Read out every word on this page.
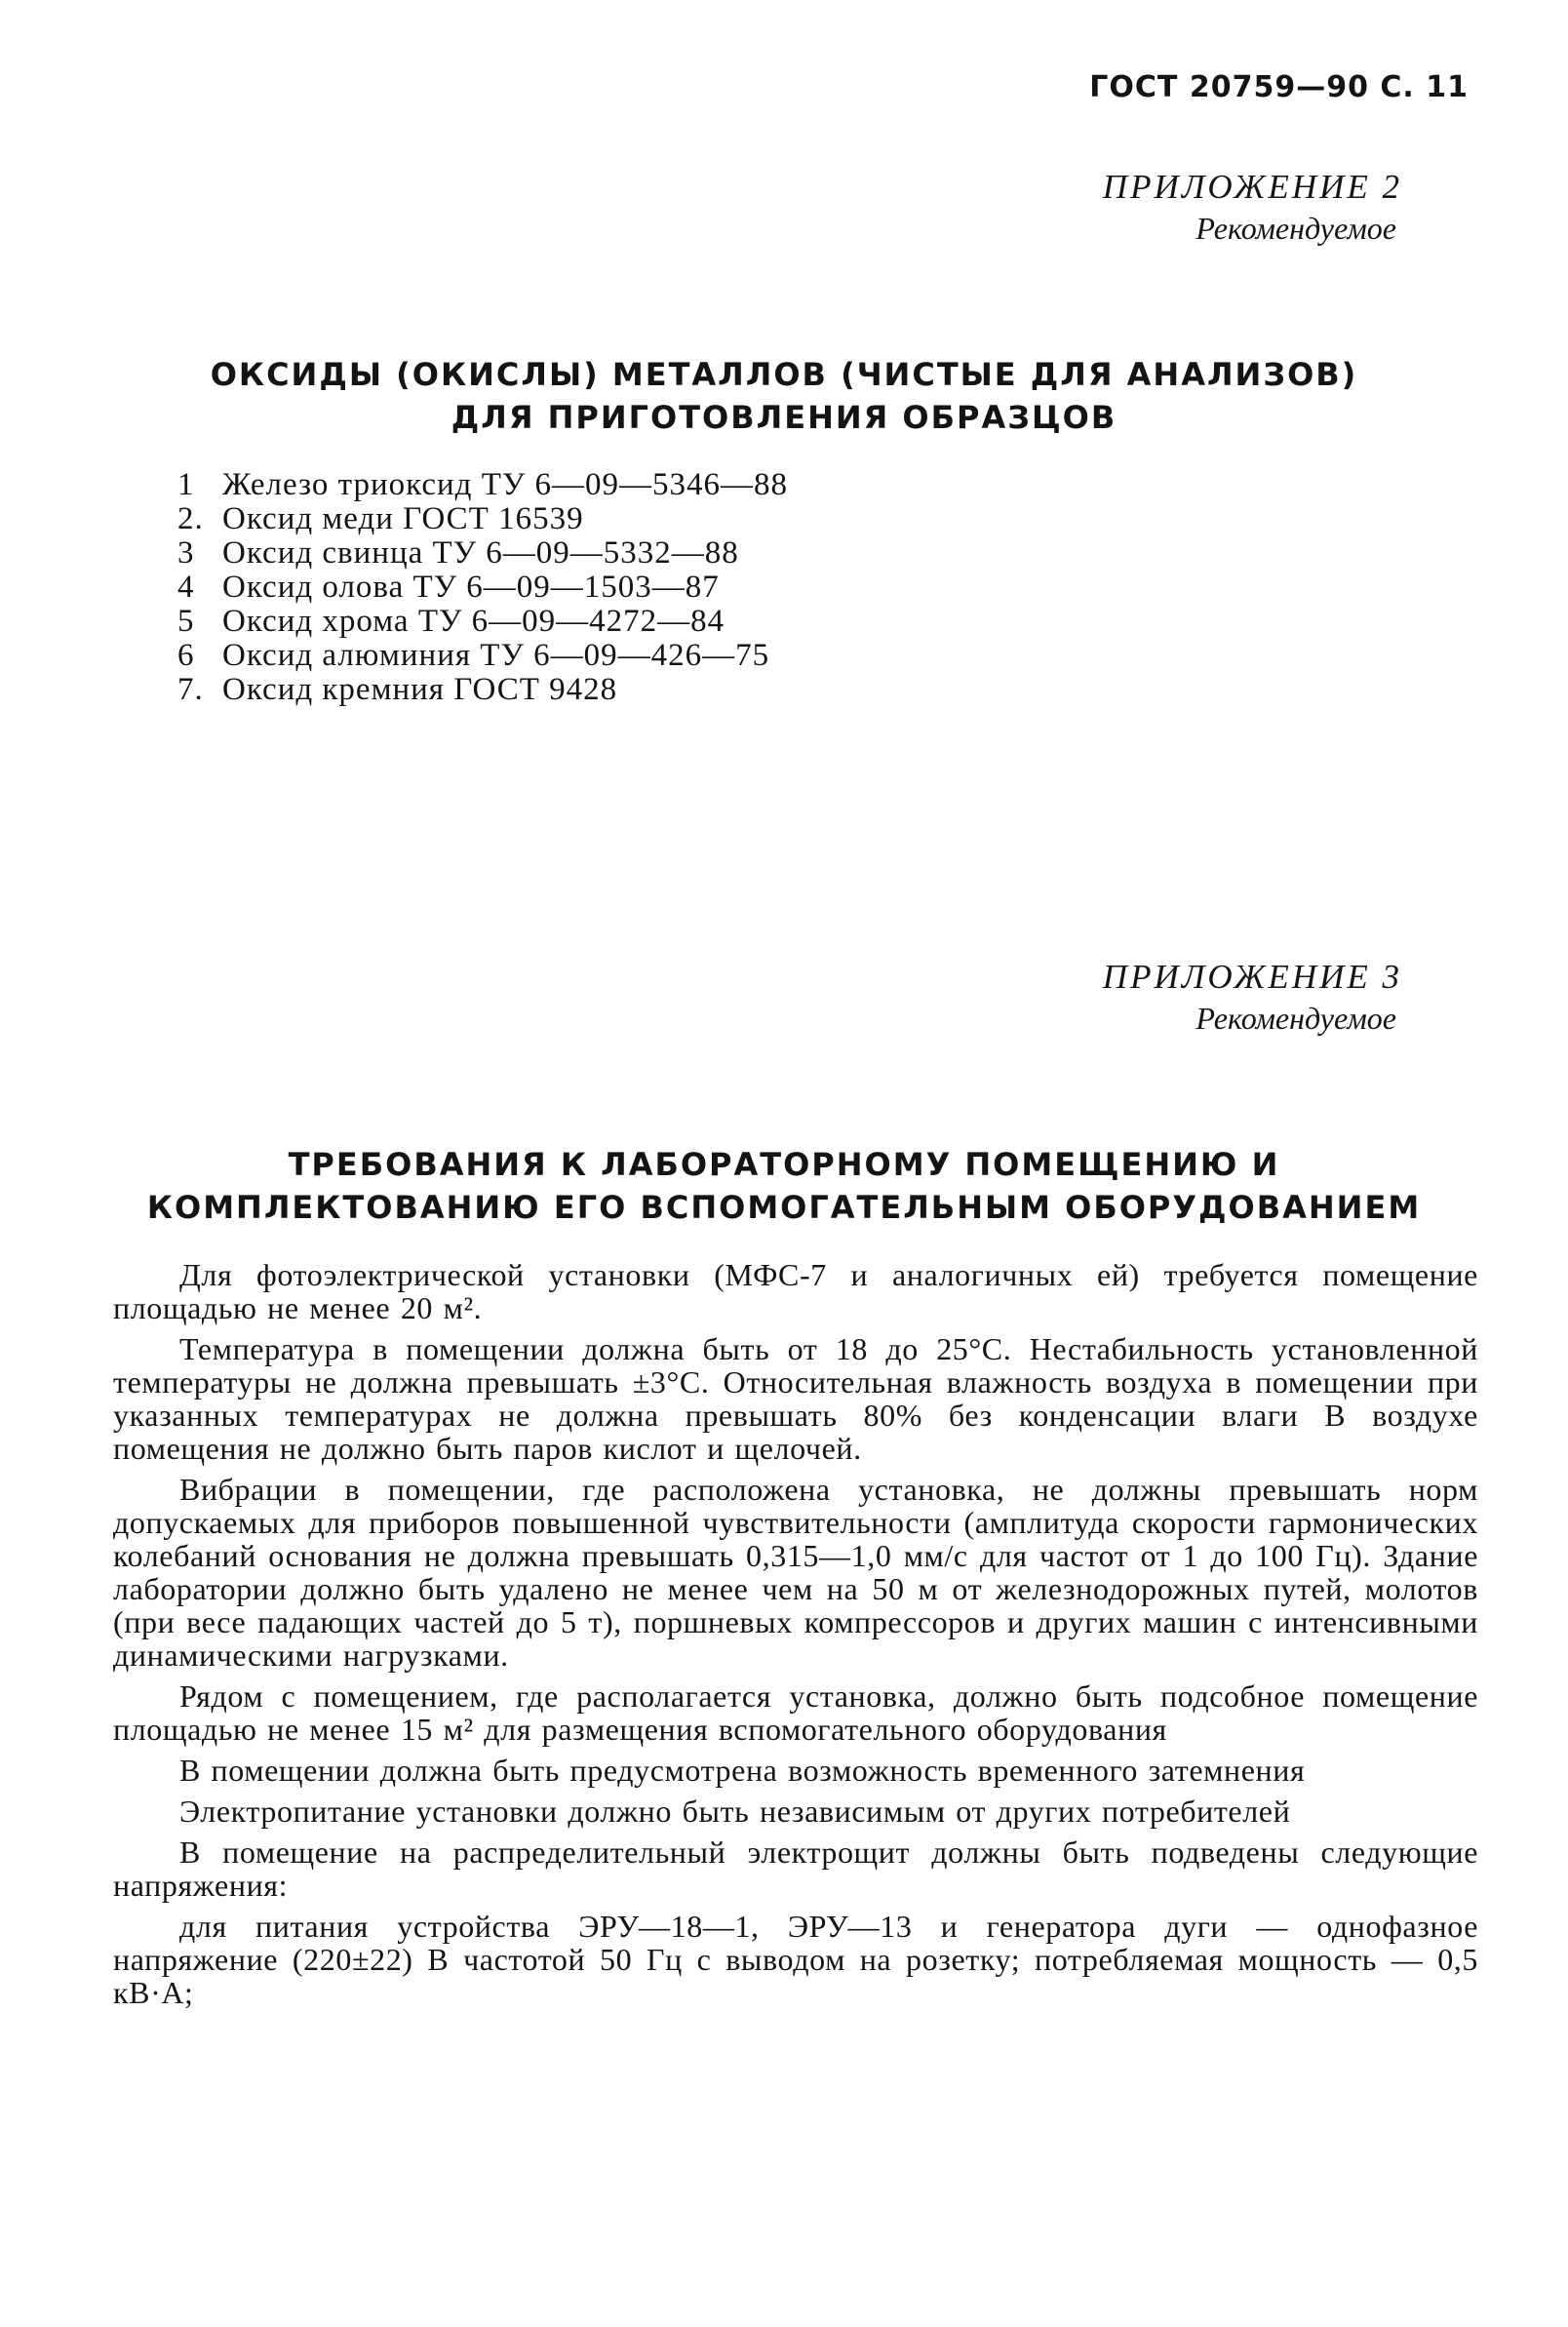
ГОСТ 20759—90 С. 11
ПРИЛОЖЕНИЕ 2
Рекомендуемое
ОКСИДЫ (ОКИСЛЫ) МЕТАЛЛОВ (ЧИСТЫЕ ДЛЯ АНАЛИЗОВ)
ДЛЯ ПРИГОТОВЛЕНИЯ ОБРАЗЦОВ
1 Железо триоксид ТУ 6—09—5346—88
2. Оксид меди ГОСТ 16539
3 Оксид свинца ТУ 6—09—5332—88
4 Оксид олова ТУ 6—09—1503—87
5 Оксид хрома ТУ 6—09—4272—84
6 Оксид алюминия ТУ 6—09—426—75
7. Оксид кремния ГОСТ 9428
ПРИЛОЖЕНИЕ 3
Рекомендуемое
ТРЕБОВАНИЯ К ЛАБОРАТОРНОМУ ПОМЕЩЕНИЮ И
КОМПЛЕКТОВАНИЮ ЕГО ВСПОМОГАТЕЛЬНЫМ ОБОРУДОВАНИЕМ

Для фотоэлектрической установки (МФС-7 и аналогичных ей) требуется помещение площадью не менее 20 м².

Температура в помещении должна быть от 18 до 25°С. Нестабильность установленной температуры не должна превышать ±3°С. Относительная влажность воздуха в помещении при указанных температурах не должна превышать 80% без конденсации влаги В воздухе помещения не должно быть паров кислот и щелочей.

Вибрации в помещении, где расположена установка, не должны превышать норм допускаемых для приборов повышенной чувствительности (амплитуда скорости гармонических колебаний основания не должна превышать 0,315—1,0 мм/с для частот от 1 до 100 Гц). Здание лаборатории должно быть удалено не менее чем на 50 м от железнодорожных путей, молотов (при весе падающих частей до 5 т), поршневых компрессоров и других машин с интенсивными динамическими нагрузками.

Рядом с помещением, где располагается установка, должно быть подсобное помещение площадью не менее 15 м² для размещения вспомогательного оборудования

В помещении должна быть предусмотрена возможность временного затемнения

Электропитание установки должно быть независимым от других потребителей

В помещение на распределительный электрощит должны быть подведены следующие напряжения:

для питания устройства ЭРУ—18—1, ЭРУ—13 и генератора дуги — однофазное напряжение (220±22) В частотой 50 Гц с выводом на розетку; потребляемая мощность — 0,5 кВ·А;
